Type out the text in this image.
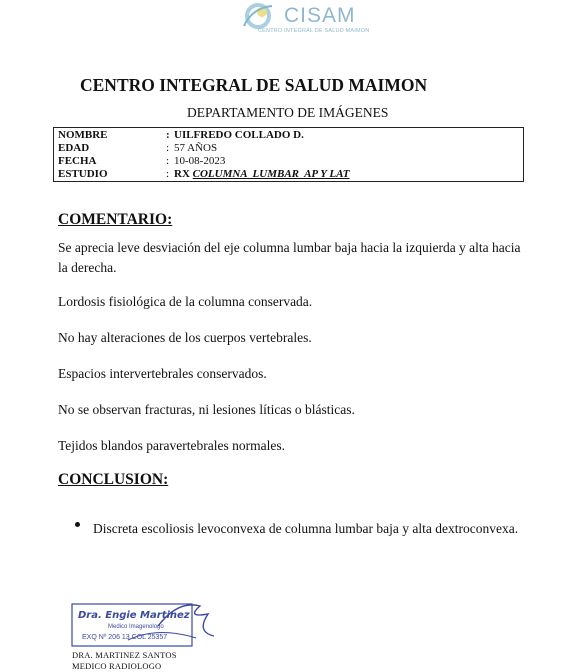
CISAM
CENTRO INTEGRAL DE SALUD MAIMON
CENTRO INTEGRAL DE SALUD MAIMON
DEPARTAMENTO DE IMÁGENES
NOMBRE	: UILFREDO COLLADO D.
EDAD	: 57 AÑOS
FECHA	: 10-08-2023
ESTUDIO	: RX COLUMNA  LUMBAR  AP Y LAT
COMENTARIO:
Se aprecia leve desviación del eje columna lumbar baja hacia la izquierda y alta hacia la derecha.
Lordosis fisiológica de la columna conservada.
No hay alteraciones de los cuerpos vertebrales.
Espacios intervertebrales conservados.
No se observan fracturas, ni lesiones líticas o blásticas.
Tejidos blandos paravertebrales normales.
CONCLUSION:
Discreta escoliosis levoconvexa de columna lumbar baja y alta dextroconvexa.
Dra. Engie Martinez
Medico Imagenologo
EXQ Nº 206 13 COL 25357
DRA. MARTINEZ SANTOS
MEDICO RADIOLOGO
